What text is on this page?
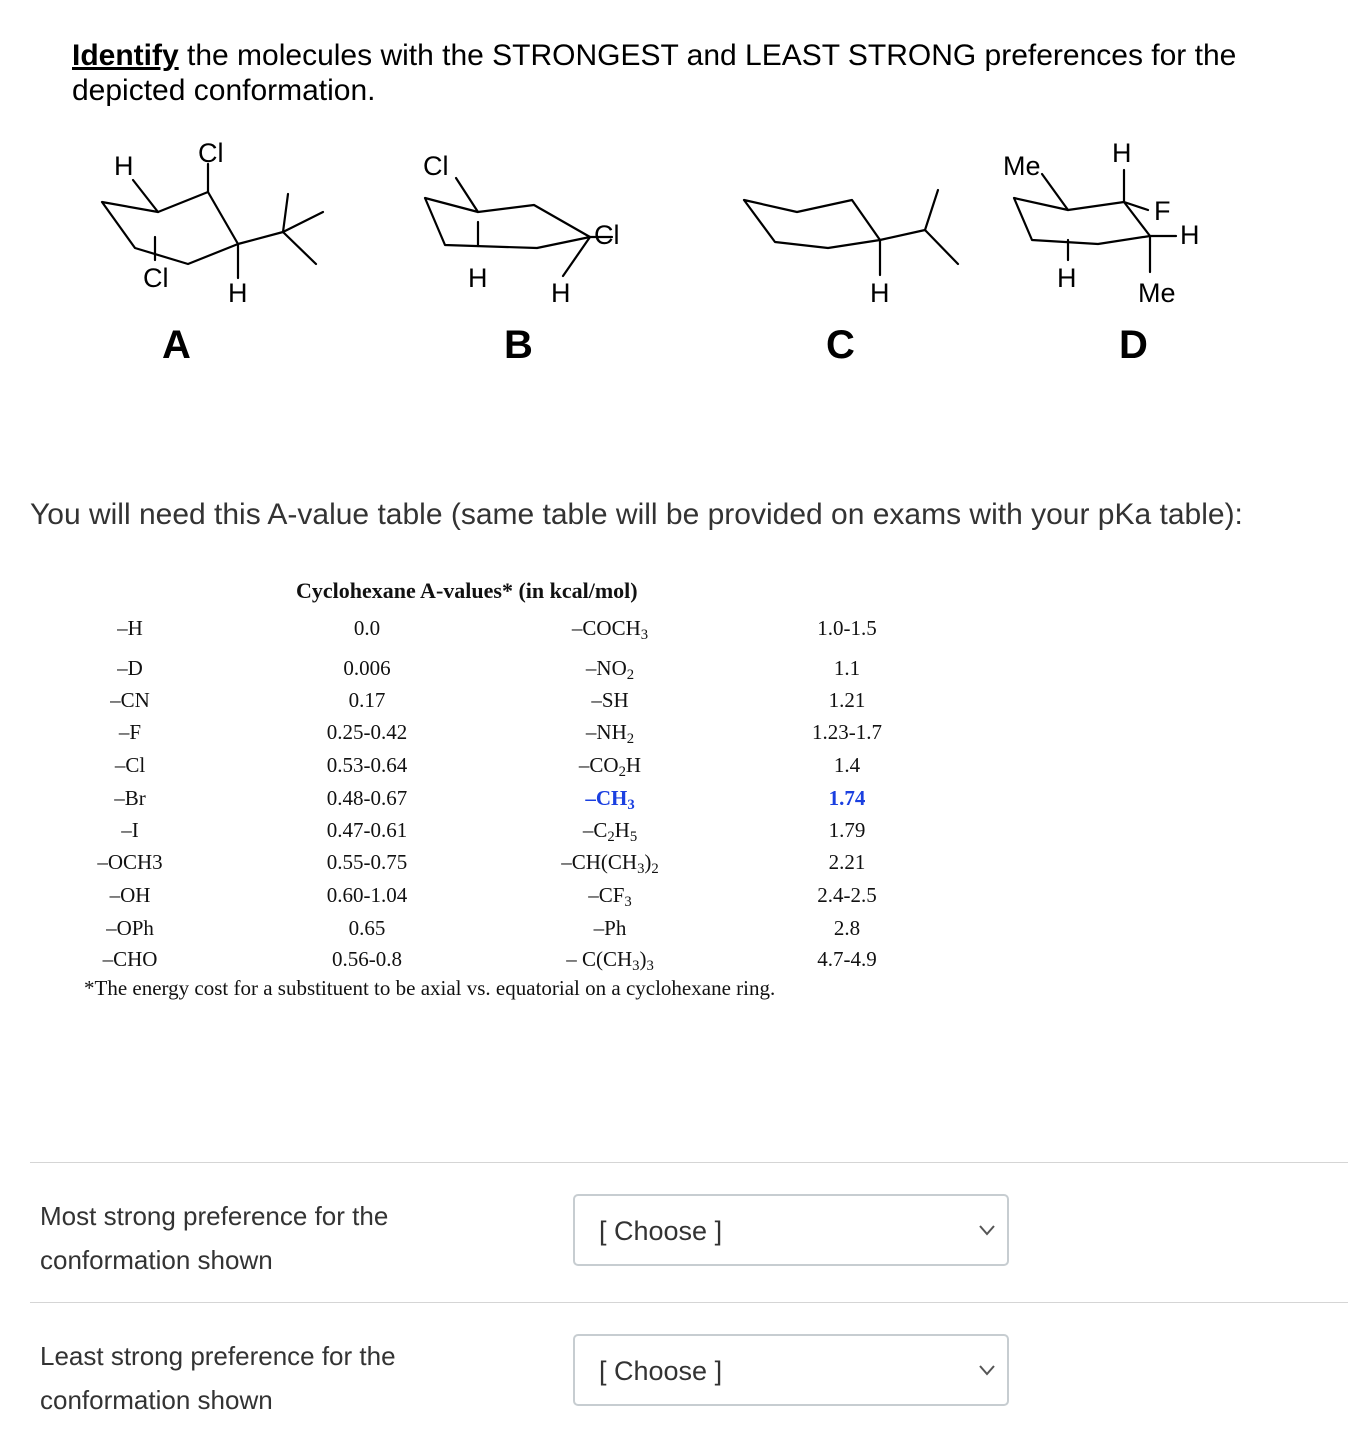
Identify the molecules with the STRONGEST and LEAST STRONG preferences for the depicted conformation.
H Cl
Cl H
Cl
Cl
H H	H
Me	H
F
H
H Me
A	B	C	D
You will need this A-value table (same table will be provided on exams with your pKa table):
Cyclohexane A-values* (in kcal/mol)
–H	0.0	$-COCH_3$	1.0-1.5
–D	0.006	$-NO_2$	1.1
–CN	0.17	–SH	1.21
–F	0.25-0.42	$-NH_2$	1.23-1.7
–Cl	0.53-0.64	$-CO_2H$	1.4
–Br	0.48-0.67	$-CH_3$	1.74
–I	0.47-0.61	$-C_2H_5$	1.79
–OCH3	0.55-0.75	$-CH(CH_3)_2$	2.21
–OH	0.60-1.04	$-CF_3$	2.4-2.5
–OPh	0.65	–Ph	2.8
–CHO	0.56-0.8	– $C(CH_3)_3$	4.7-4.9
*The energy cost for a substituent to be axial vs. equatorial on a cyclohexane ring.
Most strong preference for the conformation shown
[ Choose ]
Least strong preference for the conformation shown
[ Choose ]
